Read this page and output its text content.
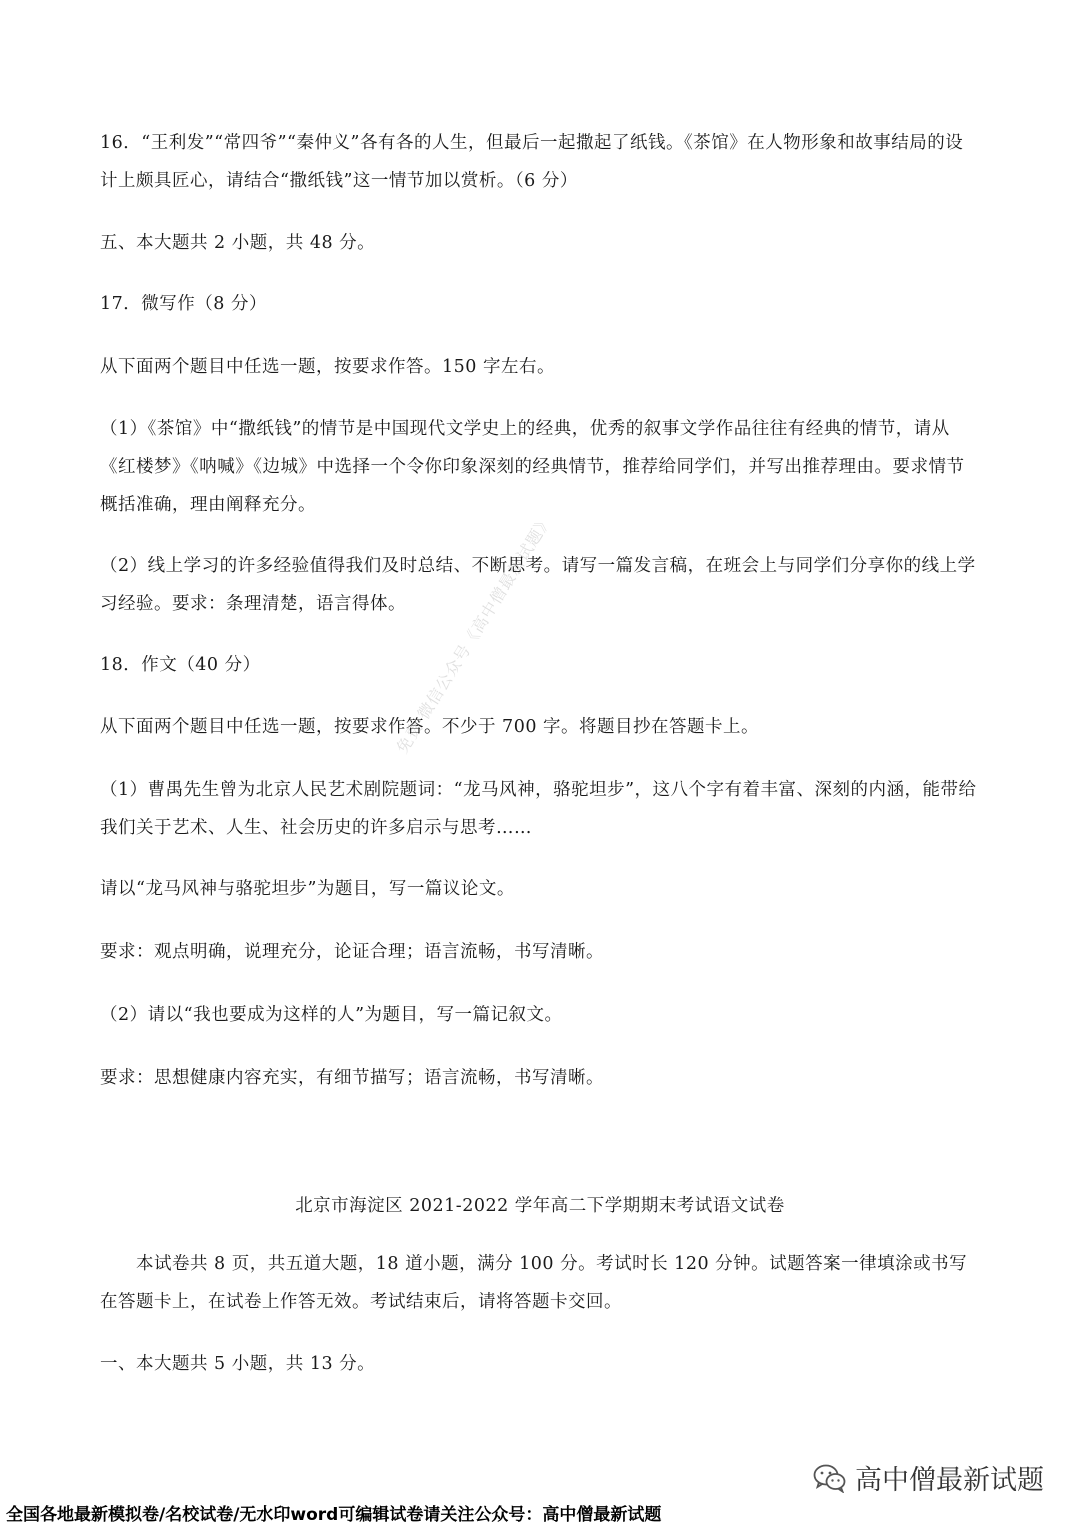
16．“王利发”“常四爷”“秦仲义”各有各的人生，但最后一起撒起了纸钱。《茶馆》在人物形象和故事结局的设计上颇具匠心，请结合“撒纸钱”这一情节加以赏析。（6 分）

五、本大题共 2 小题，共 48 分。

17．微写作（8 分）

从下面两个题目中任选一题，按要求作答。150 字左右。

（1）《茶馆》中“撒纸钱”的情节是中国现代文学史上的经典，优秀的叙事文学作品往往有经典的情节，请从《红楼梦》《呐喊》《边城》中选择一个令你印象深刻的经典情节，推荐给同学们，并写出推荐理由。要求情节概括准确，理由阐释充分。

（2）线上学习的许多经验值得我们及时总结、不断思考。请写一篇发言稿，在班会上与同学们分享你的线上学习经验。要求：条理清楚，语言得体。

18．作文（40 分）

从下面两个题目中任选一题，按要求作答。不少于 700 字。将题目抄在答题卡上。

（1）曹禺先生曾为北京人民艺术剧院题词：“龙马风神，骆驼坦步”，这八个字有着丰富、深刻的内涵，能带给我们关于艺术、人生、社会历史的许多启示与思考……

请以“龙马风神与骆驼坦步”为题目，写一篇议论文。

要求：观点明确，说理充分，论证合理；语言流畅，书写清晰。

（2）请以“我也要成为这样的人”为题目，写一篇记叙文。

要求：思想健康内容充实，有细节描写；语言流畅，书写清晰。

北京市海淀区 2021-2022 学年高二下学期期末考试语文试卷

本试卷共 8 页，共五道大题，18 道小题，满分 100 分。考试时长 120 分钟。试题答案一律填涂或书写在答题卡上，在试卷上作答无效。考试结束后，请将答题卡交回。

一、本大题共 5 小题，共 13 分。

免费·微信公众号《高中僧最新试题》
高中僧最新试题
全国各地最新模拟卷/名校试卷/无水印word可编辑试卷请关注公众号：高中僧最新试题
